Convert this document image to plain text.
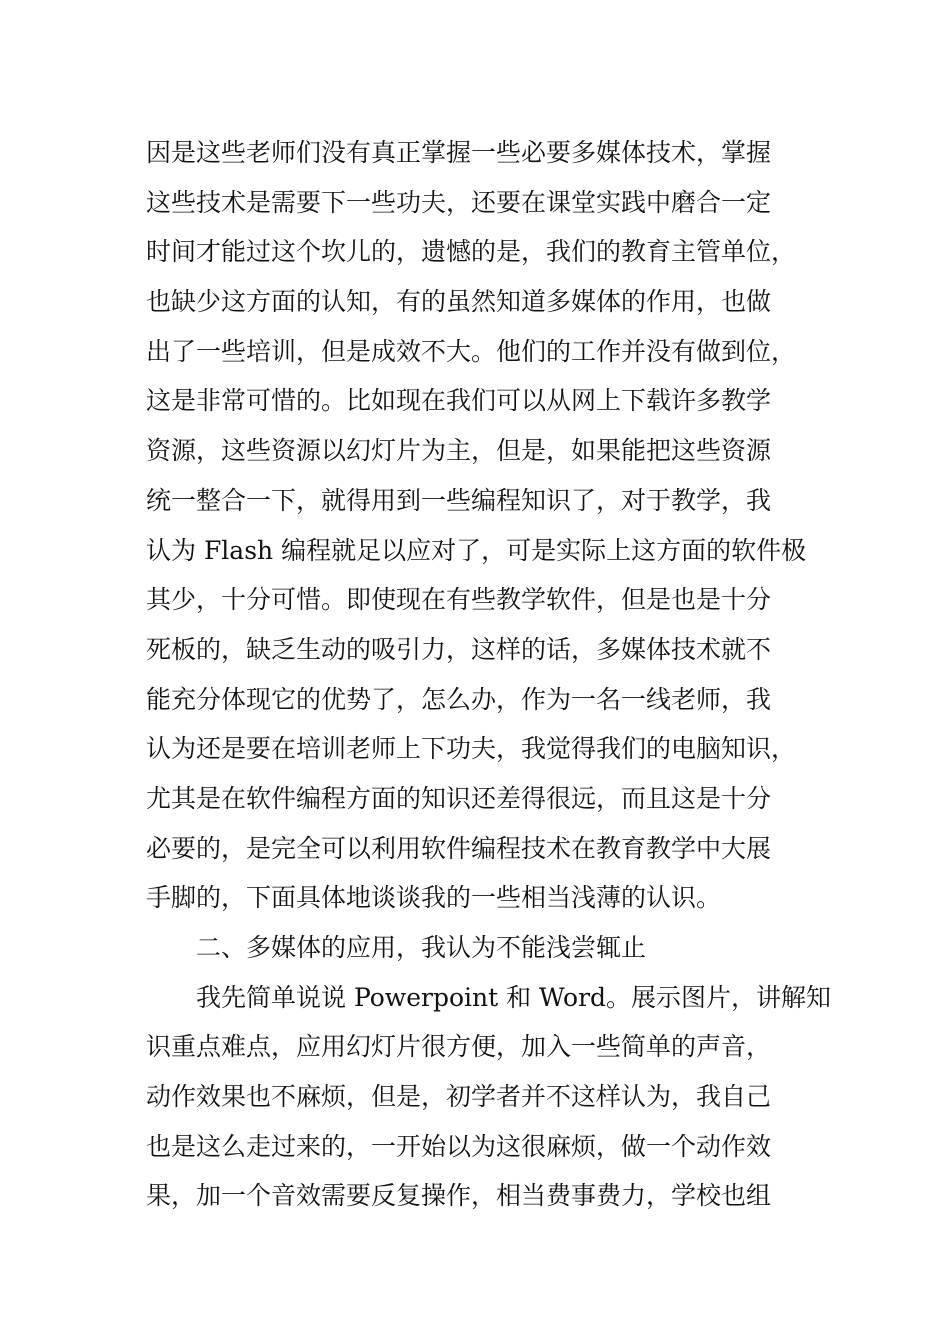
因是这些老师们没有真正掌握一些必要多媒体技术，掌握
这些技术是需要下一些功夫，还要在课堂实践中磨合一定
时间才能过这个坎儿的，遗憾的是，我们的教育主管单位，
也缺少这方面的认知，有的虽然知道多媒体的作用，也做
出了一些培训，但是成效不大。他们的工作并没有做到位，
这是非常可惜的。比如现在我们可以从网上下载许多教学
资源，这些资源以幻灯片为主，但是，如果能把这些资源
统一整合一下，就得用到一些编程知识了，对于教学，我
认为 Flash 编程就足以应对了，可是实际上这方面的软件极
其少，十分可惜。即使现在有些教学软件，但是也是十分
死板的，缺乏生动的吸引力，这样的话，多媒体技术就不
能充分体现它的优势了，怎么办，作为一名一线老师，我
认为还是要在培训老师上下功夫，我觉得我们的电脑知识，
尤其是在软件编程方面的知识还差得很远，而且这是十分
必要的，是完全可以利用软件编程技术在教育教学中大展
手脚的，下面具体地谈谈我的一些相当浅薄的认识。
二、多媒体的应用，我认为不能浅尝辄止
我先简单说说 Powerpoint 和 Word。展示图片，讲解知
识重点难点，应用幻灯片很方便，加入一些简单的声音，
动作效果也不麻烦，但是，初学者并不这样认为，我自己
也是这么走过来的，一开始以为这很麻烦，做一个动作效
果，加一个音效需要反复操作，相当费事费力，学校也组
